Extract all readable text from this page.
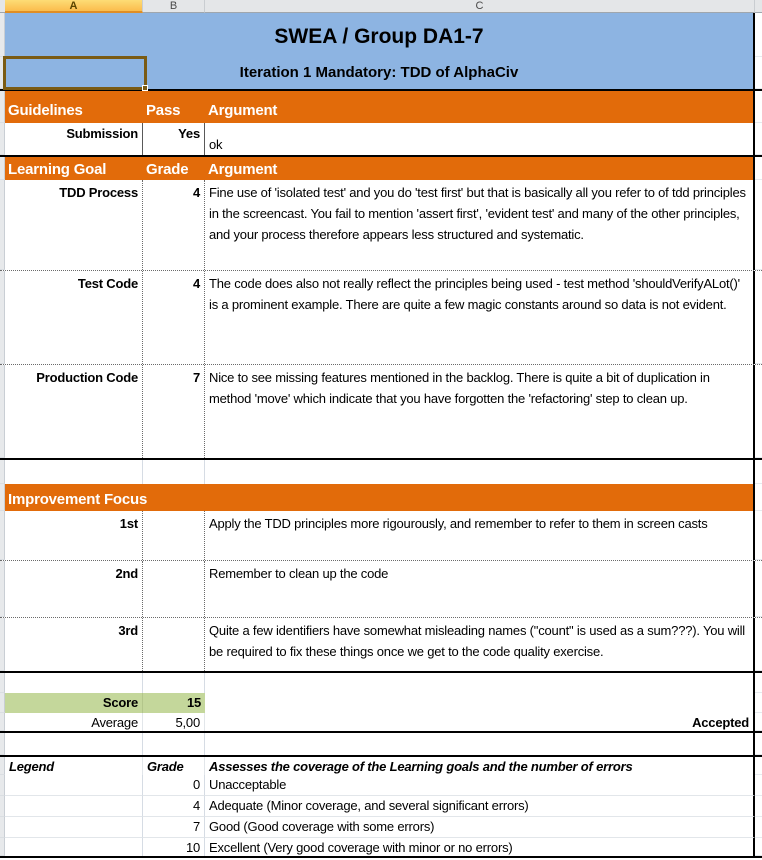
A	B	C
SWEA / Group DA1-7
Iteration 1 Mandatory: TDD of AlphaCiv
Guidelines	Pass	Argument
Submission	Yes
ok
Learning Goal	Grade	Argument
TDD Process	4 Fine use of 'isolated test' and you do 'test first' but that is basically all you refer to of tdd principles in the screencast. You fail to mention 'assert first', 'evident test' and many of the other principles, and your process therefore appears less structured and systematic.
Test Code	4 The code does also not really reflect the principles being used - test method 'shouldVerifyALot()' is a prominent example. There are quite a few magic constants around so data is not evident.
Production Code	7 Nice to see missing features mentioned in the backlog. There is quite a bit of duplication in method 'move' which indicate that you have forgotten the 'refactoring' step to clean up.
Improvement Focus
1st	Apply the TDD principles more rigourously, and remember to refer to them in screen casts
2nd	Remember to clean up the code
3rd	Quite a few identifiers have somewhat misleading names ("count" is used as a sum???). You will be required to fix these things once we get to the code quality exercise.
Score	15
Average	5,00	Accepted
Legend	Grade	Assesses the coverage of the Learning goals and the number of errors
0 Unacceptable
4 Adequate (Minor coverage, and several significant errors)
7 Good (Good coverage with some errors)
10 Excellent (Very good coverage with minor or no errors)
